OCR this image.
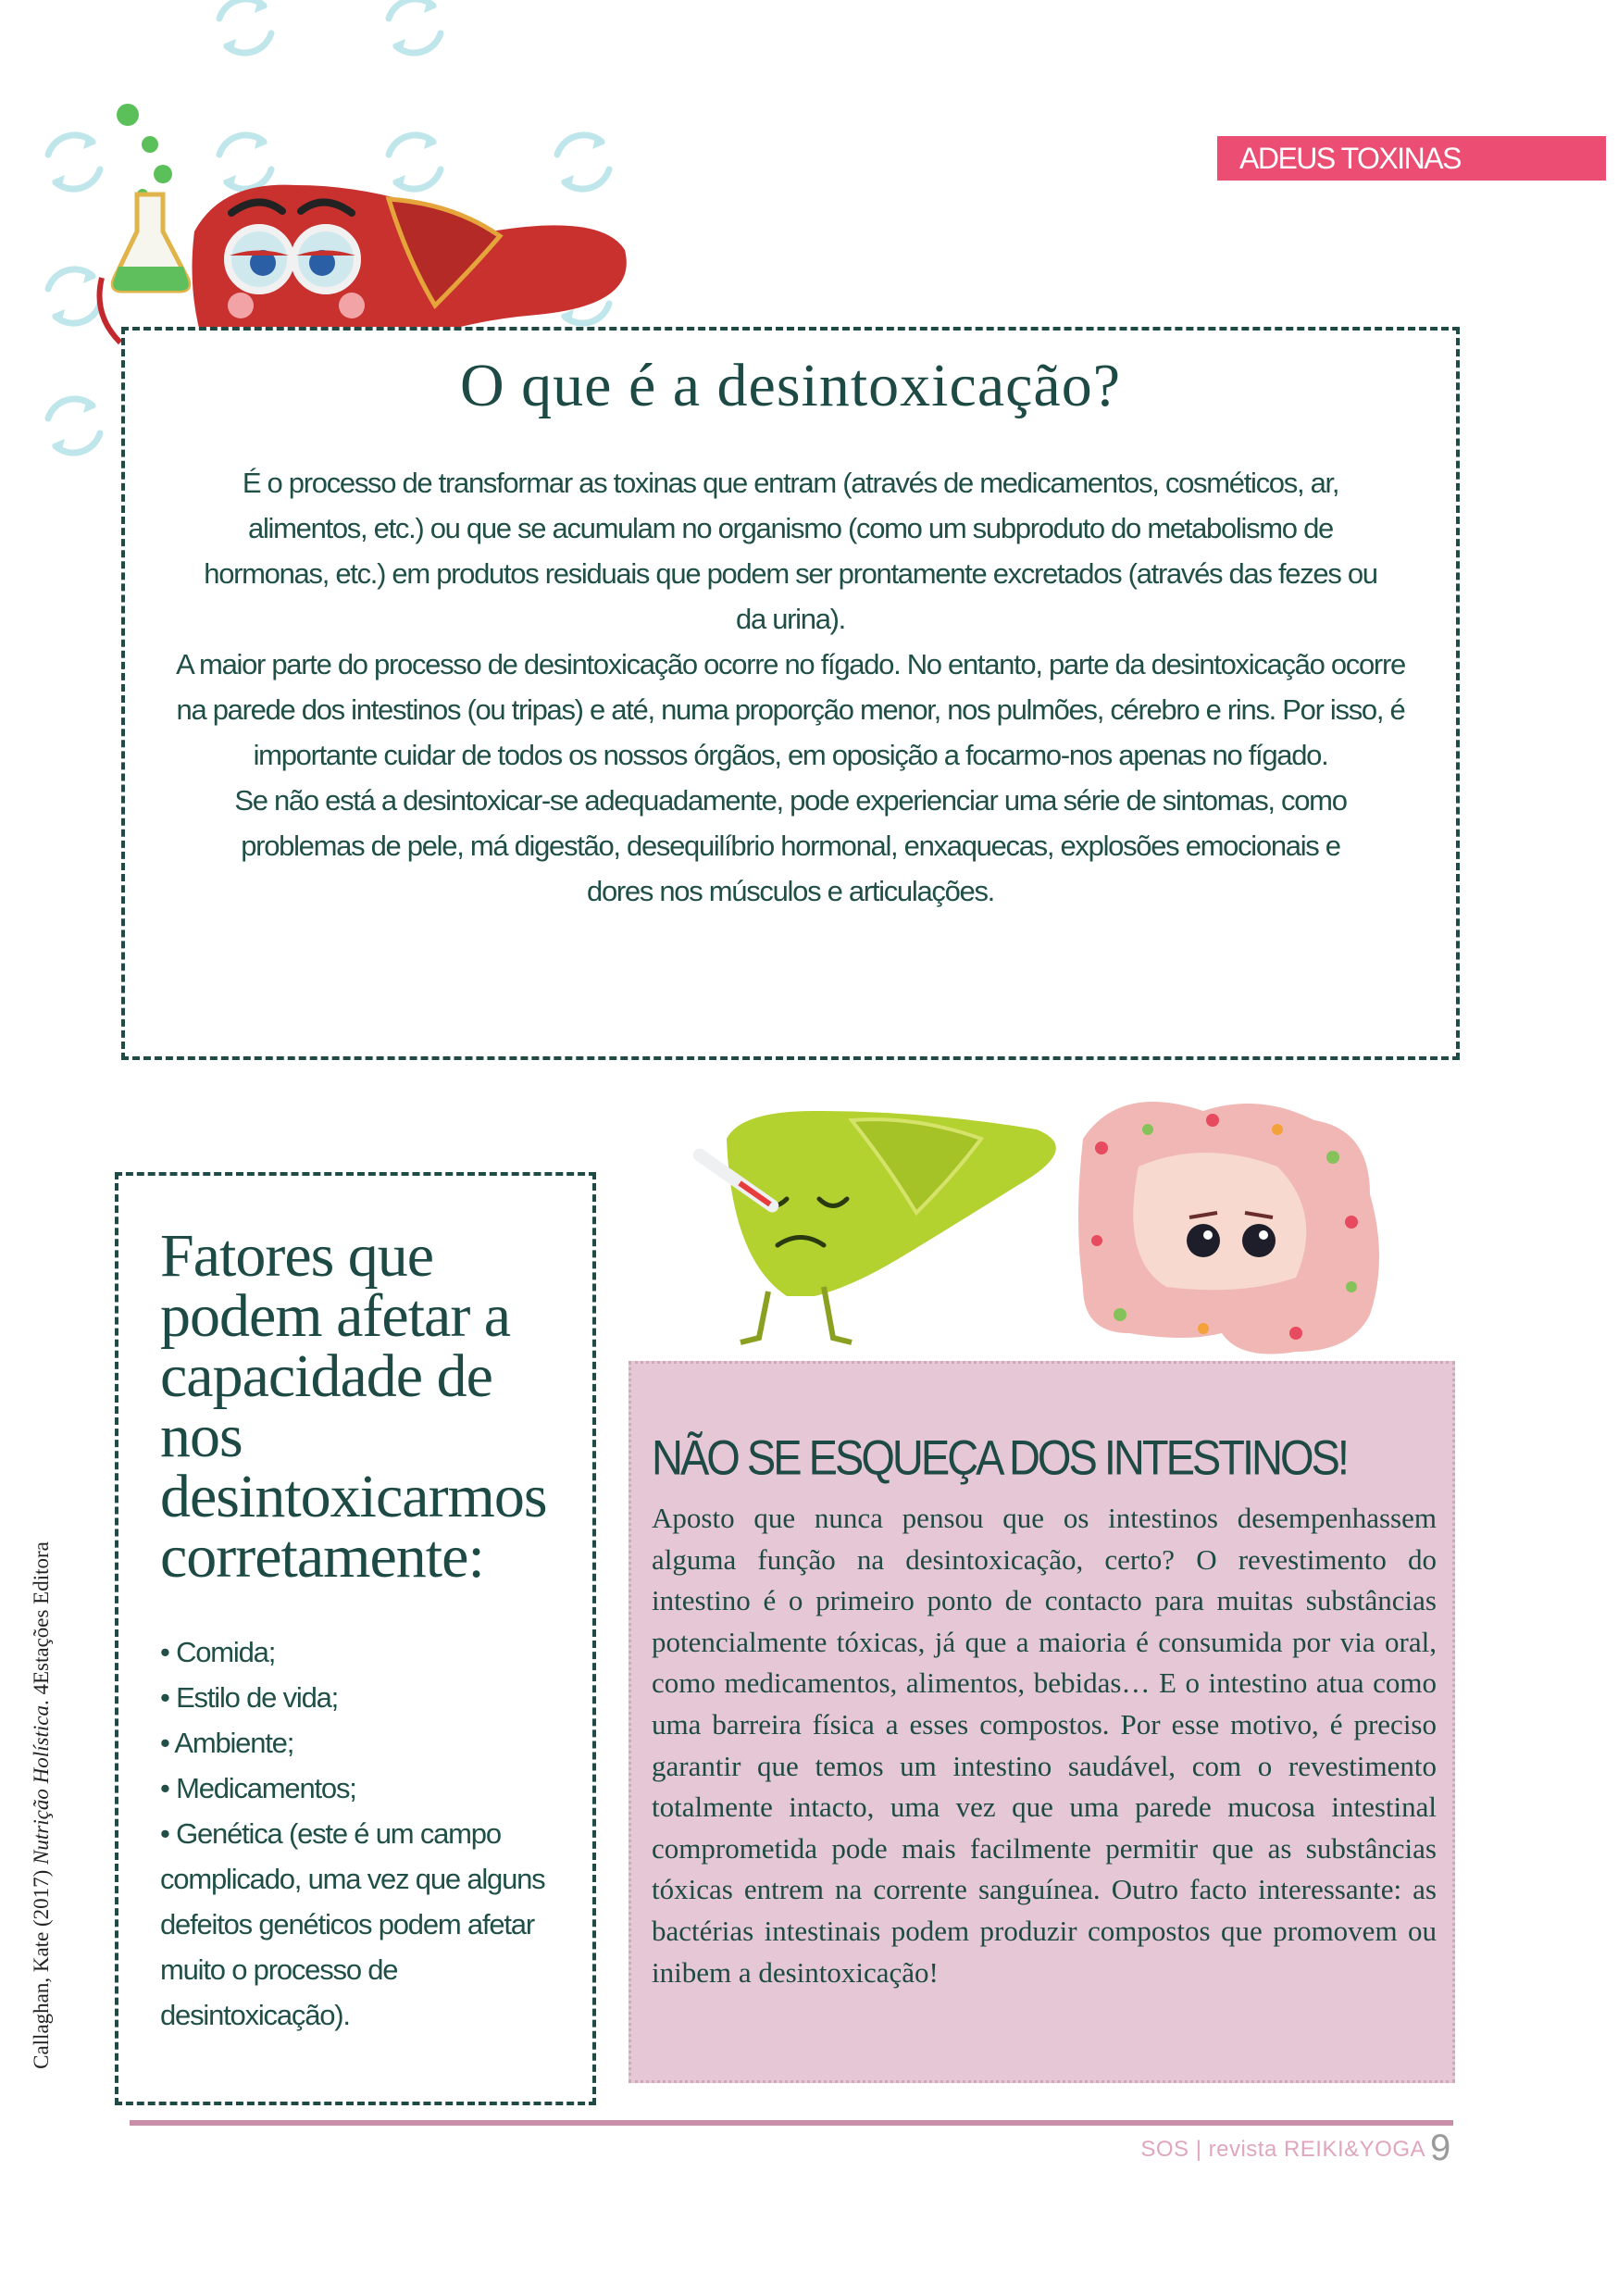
ADEUS TOXINAS
O que é a desintoxicação?

É o processo de transformar as toxinas que entram (através de medicamentos, cosméticos, ar, alimentos, etc.) ou que se acumulam no organismo (como um subproduto do metabolismo de hormonas, etc.) em produtos residuais que podem ser prontamente excretados (através das fezes ou da urina).

A maior parte do processo de desintoxicação ocorre no fígado. No entanto, parte da desintoxicação ocorre na parede dos intestinos (ou tripas) e até, numa proporção menor, nos pulmões, cérebro e rins. Por isso, é importante cuidar de todos os nossos órgãos, em oposição a focarmo-nos apenas no fígado.

Se não está a desintoxicar-se adequadamente, pode experienciar uma série de sintomas, como problemas de pele, má digestão, desequilíbrio hormonal, enxaquecas, explosões emocionais e dores nos músculos e articulações.

Fatores que podem afetar a capacidade de nos desintoxicarmos corretamente:
• Comida;
• Estilo de vida;
• Ambiente;
• Medicamentos;
• Genética (este é um campo complicado, uma vez que alguns defeitos genéticos podem afetar muito o processo de desintoxicação).
Callaghan, Kate (2017) Nutrição Holística. 4Estações Editora
NÃO SE ESQUEÇA DOS INTESTINOS!

Aposto que nunca pensou que os intestinos desempenhassem alguma função na desintoxicação, certo? O revestimento do intestino é o primeiro ponto de contacto para muitas substâncias potencialmente tóxicas, já que a maioria é consumida por via oral, como medicamentos, alimentos, bebidas… E o intestino atua como uma barreira física a esses compostos. Por esse motivo, é preciso garantir que temos um intestino saudável, com o revestimento totalmente intacto, uma vez que uma parede mucosa intestinal comprometida pode mais facilmente permitir que as substâncias tóxicas entrem na corrente sanguínea. Outro facto interessante: as bactérias intestinais podem produzir compostos que promovem ou inibem a desintoxicação!

SOS | revista REIKI&YOGA 9
